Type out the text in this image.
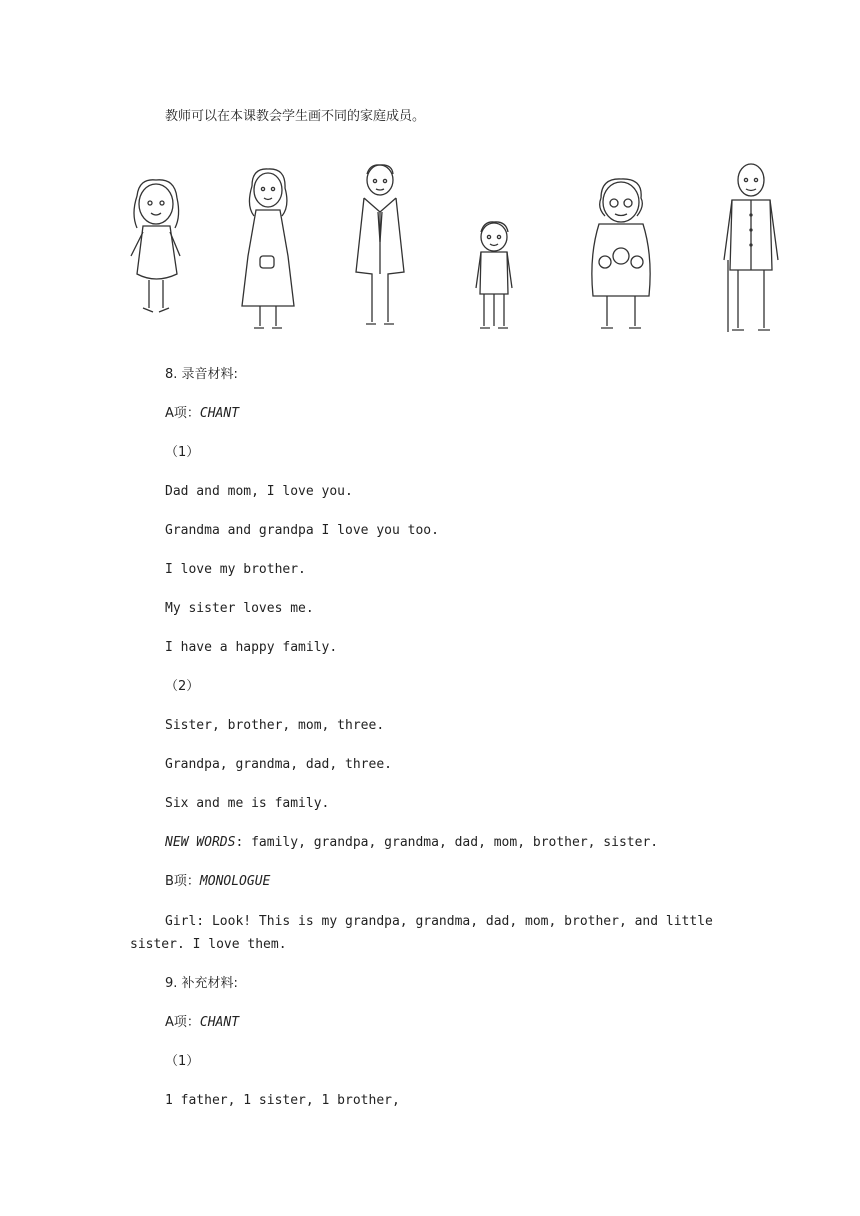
教师可以在本课教会学生画不同的家庭成员。
8. 录音材料:
A项：CHANT
（1）
Dad and mom, I love you.
Grandma and grandpa I love you too.
I love my brother.
My sister loves me.
I have a happy family.
（2）
Sister, brother, mom, three.
Grandpa, grandma, dad, three.
Six and me is family.
NEW WORDS: family, grandpa, grandma, dad, mom, brother, sister.
B项：MONOLOGUE
Girl: Look! This is my grandpa, grandma, dad, mom, brother, and little sister. I love them.
9. 补充材料:
A项：CHANT
（1）
1 father, 1 sister, 1 brother,
